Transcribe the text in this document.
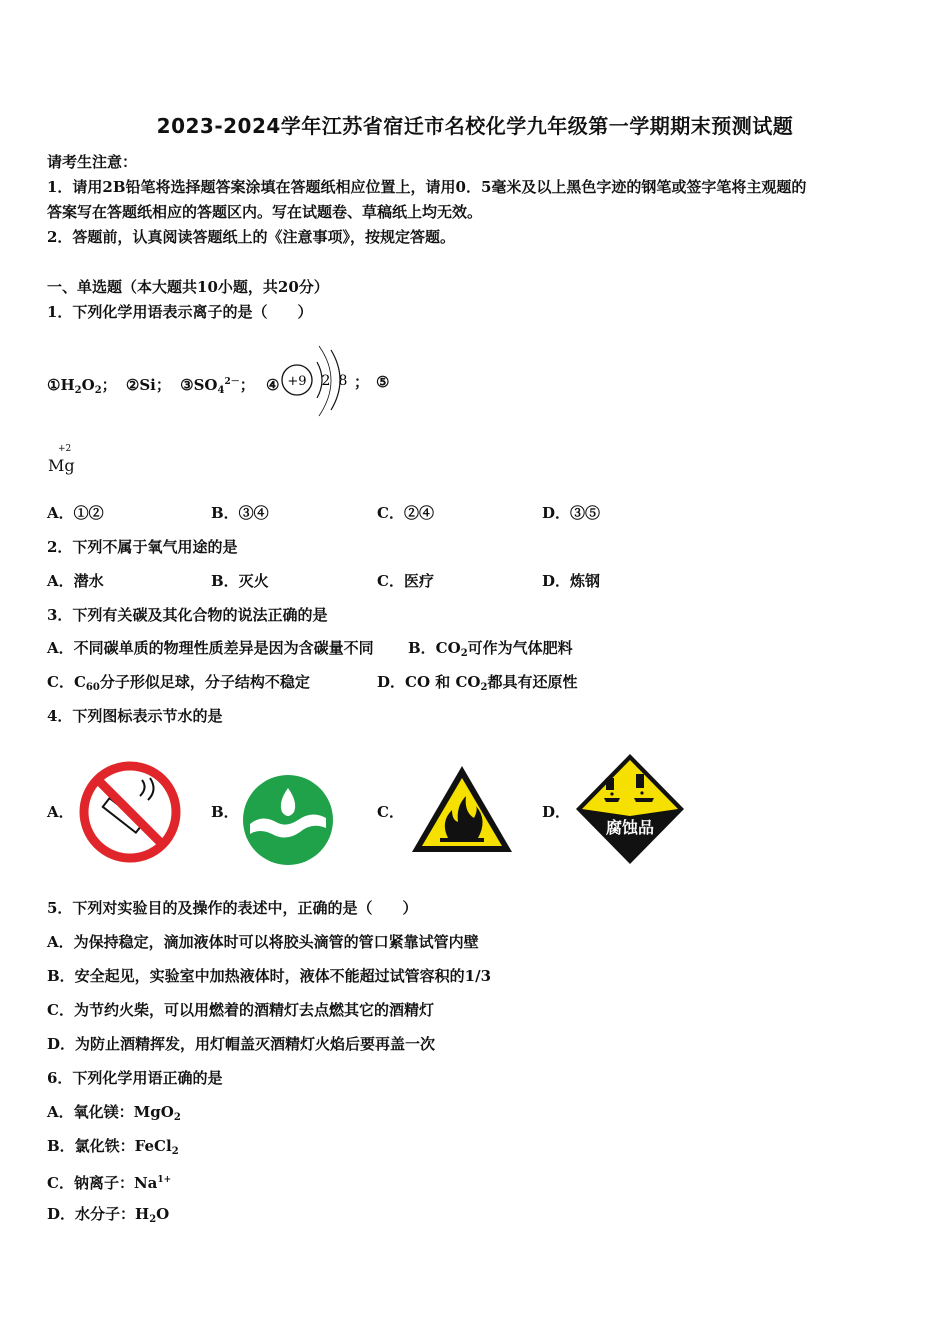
2023-2024学年江苏省宿迁市名校化学九年级第一学期期末预测试题
请考生注意：
1．请用2B铅笔将选择题答案涂填在答题纸相应位置上，请用0．5毫米及以上黑色字迹的钢笔或签字笔将主观题的
答案写在答题纸相应的答题区内。写在试题卷、草稿纸上均无效。
2．答题前，认真阅读答题纸上的《注意事项》，按规定答题。
一、单选题（本大题共10小题，共20分）
1．下列化学用语表示离子的是（　　）
$①H_2O_2$； ②Si； $③SO_4^{2-}$； ④ +9 2 8 ； ⑤
+2
Mg
A．①②	B．③④	C．②④	D．③⑤
2．下列不属于氧气用途的是
A．潜水	B．灭火	C．医疗	D．炼钢
3．下列有关碳及其化合物的说法正确的是
A．不同碳单质的物理性质差异是因为含碳量不同 B．$CO_2$可作为气体肥料
C．$C_{60}$分子形似足球，分子结构不稳定	D．CO 和 $CO_2$都具有还原性
4．下列图标表示节水的是
A．	B．	C．	D．
腐蚀品
5．下列对实验目的及操作的表述中，正确的是（　　）
A．为保持稳定，滴加液体时可以将胶头滴管的管口紧靠试管内壁
B．安全起见，实验室中加热液体时，液体不能超过试管容积的1/3
C．为节约火柴，可以用燃着的酒精灯去点燃其它的酒精灯
D．为防止酒精挥发，用灯帽盖灭酒精灯火焰后要再盖一次
6．下列化学用语正确的是
A．氧化镁：MgO$_2$
B．氯化铁：FeCl$_2$
C．钠离子：$Na^{1+}$
D．水分子：$H_2O$
